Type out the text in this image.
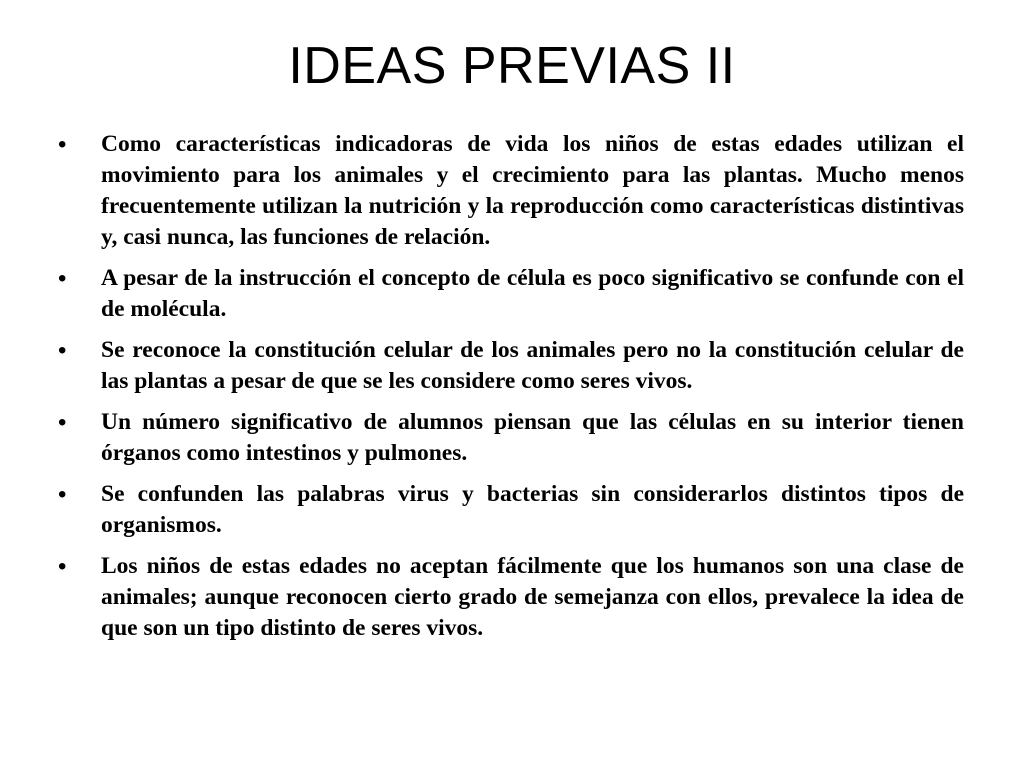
IDEAS PREVIAS II
• Como características indicadoras de vida los niños de estas edades utilizan el movimiento para los animales y el crecimiento para las plantas. Mucho menos frecuentemente utilizan la nutrición y la reproducción como características distintivas y, casi nunca, las funciones de relación.
• A pesar de la instrucción el concepto de célula es poco significativo se confunde con el de molécula.
• Se reconoce la constitución celular de los animales pero no la constitución celular de las plantas a pesar de que se les considere como seres vivos.
• Un número significativo de alumnos piensan que las células en su interior tienen órganos como intestinos y pulmones.
• Se confunden las palabras virus y bacterias sin considerarlos distintos tipos de organismos.
• Los niños de estas edades no aceptan fácilmente que los humanos son una clase de animales; aunque reconocen cierto grado de semejanza con ellos, prevalece la idea de que son un tipo distinto de seres vivos.
